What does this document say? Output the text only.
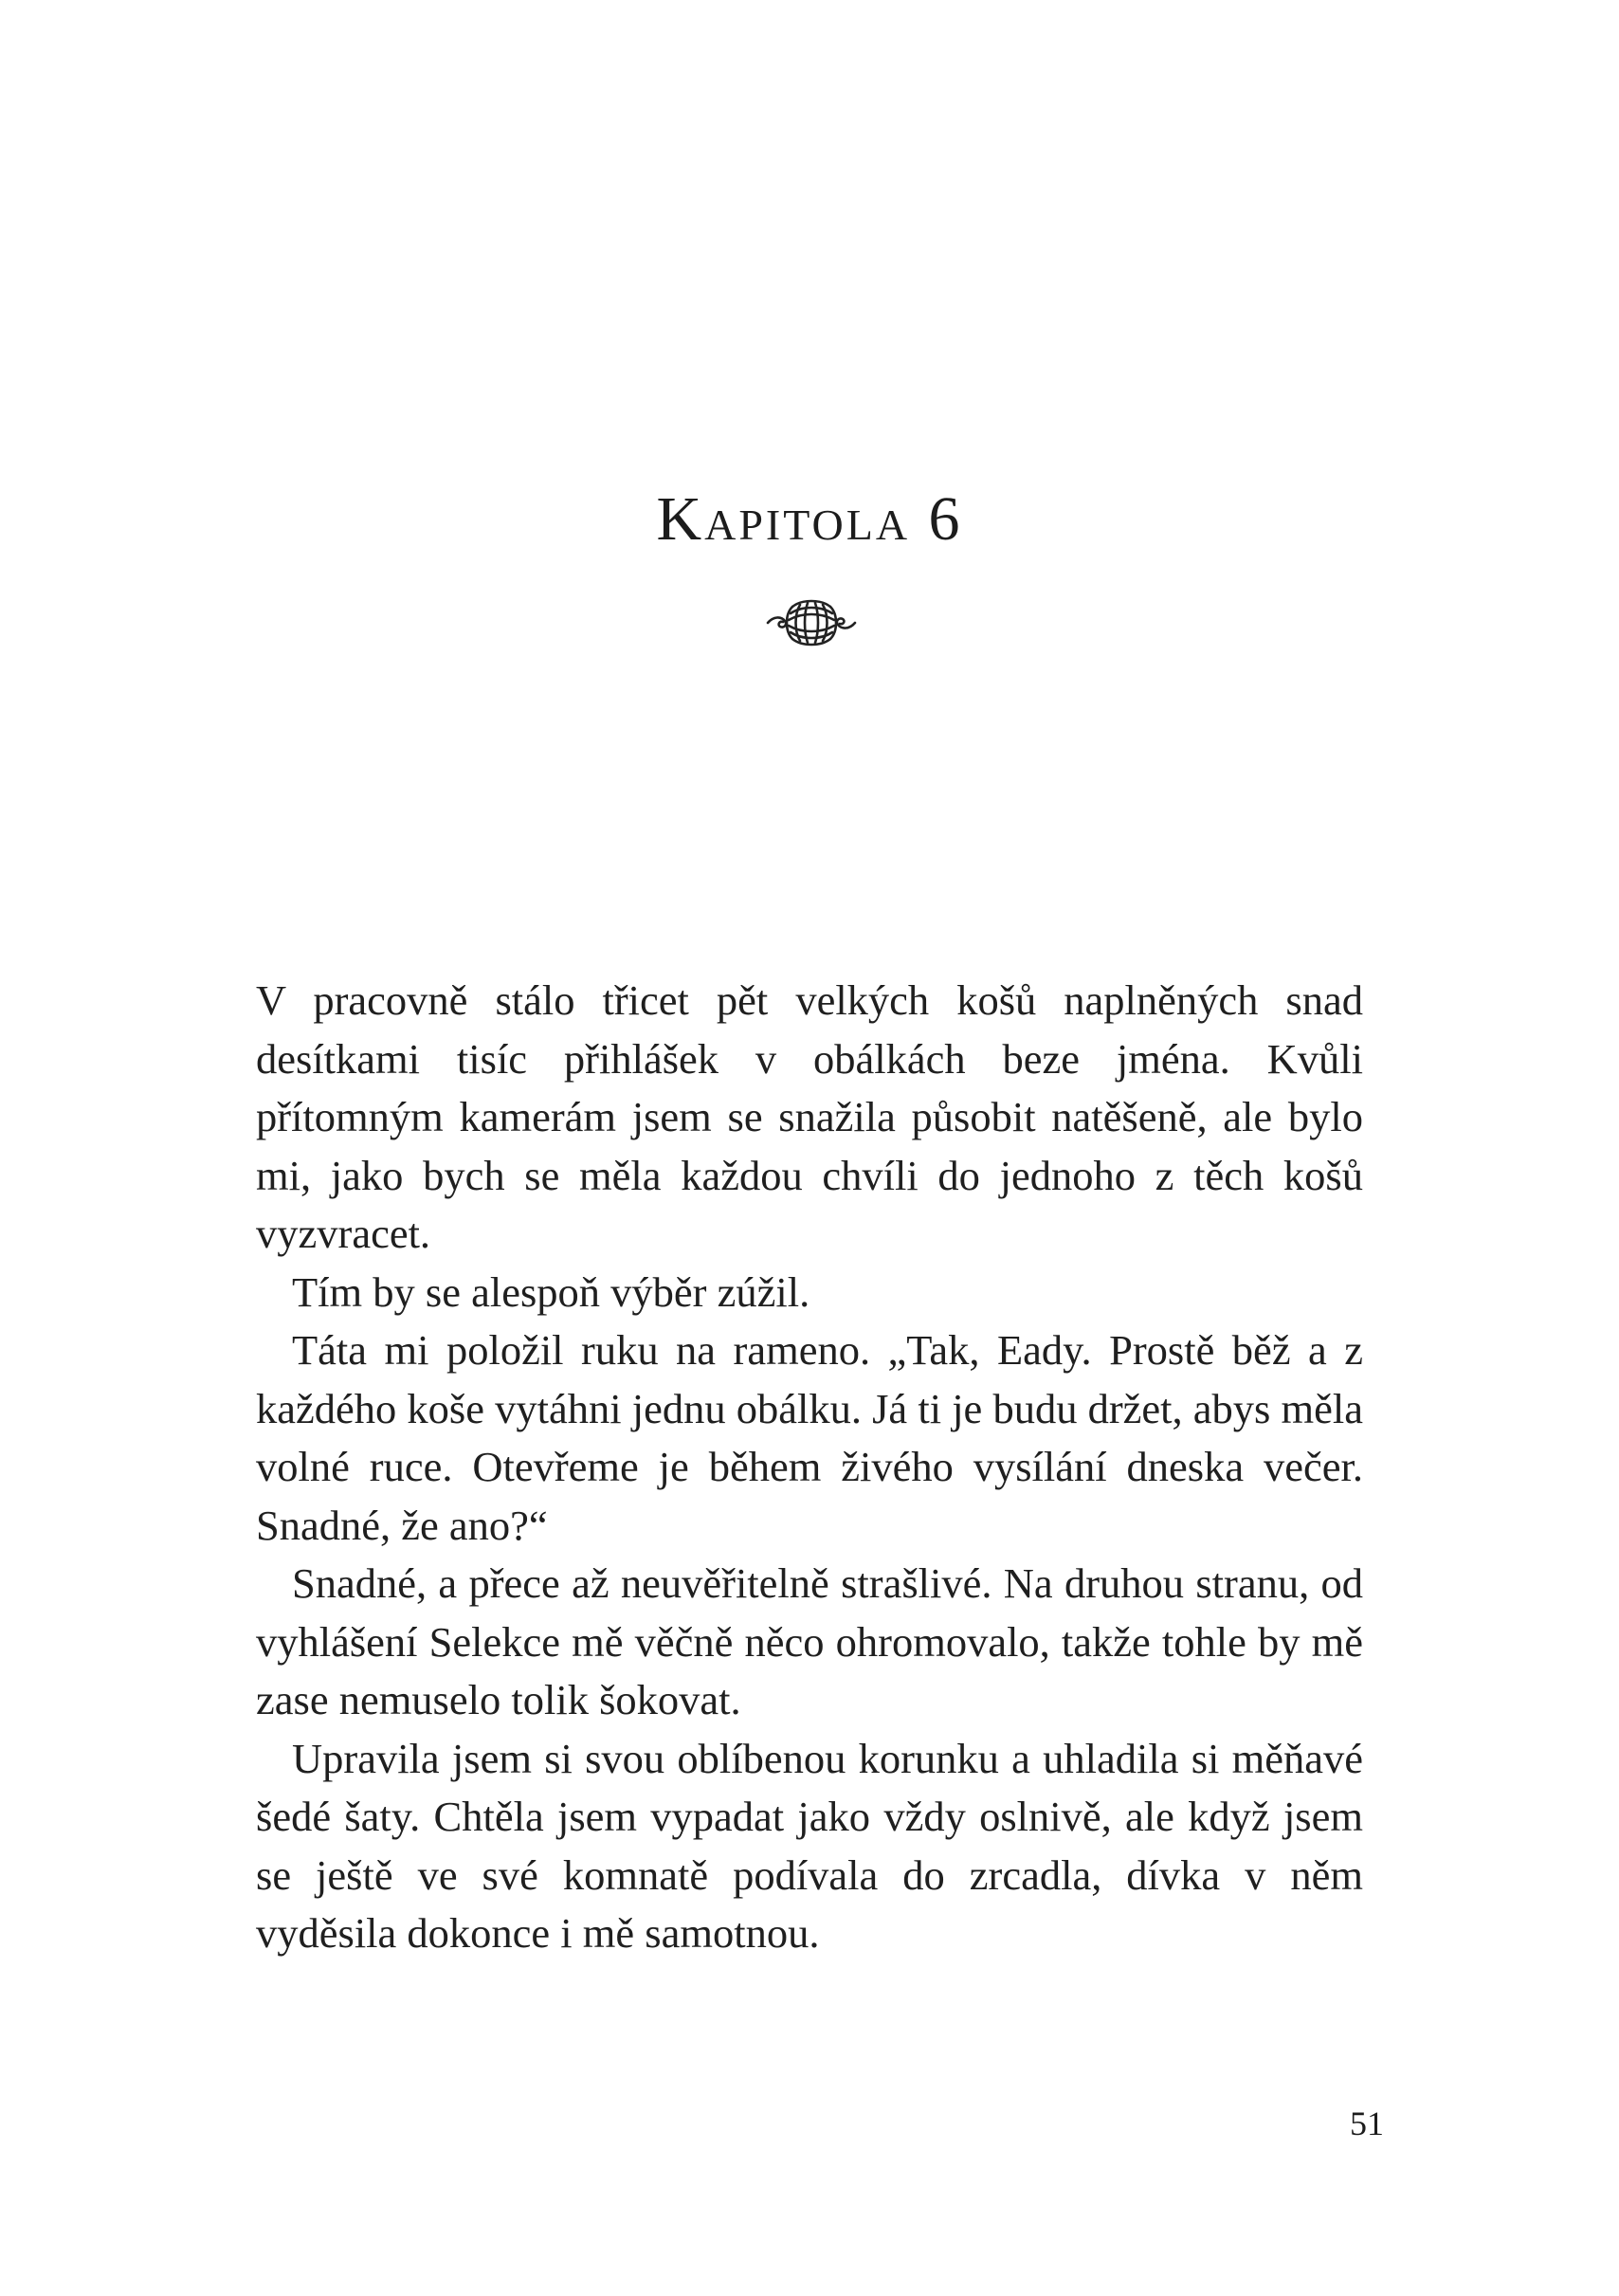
Kapitola 6

V pracovně stálo třicet pět velkých košů naplněných snad desítkami tisíc přihlášek v obálkách beze jména. Kvůli přítomným kamerám jsem se snažila působit natěšeně, ale bylo mi, jako bych se měla každou chvíli do jednoho z těch košů vyzvracet.

Tím by se alespoň výběr zúžil.

Táta mi položil ruku na rameno. „Tak, Eady. Prostě běž a z každého koše vytáhni jednu obálku. Já ti je budu držet, abys měla volné ruce. Otevřeme je během živého vysílání dneska večer. Snadné, že ano?“

Snadné, a přece až neuvěřitelně strašlivé. Na druhou stranu, od vyhlášení Selekce mě věčně něco ohromovalo, takže tohle by mě zase nemuselo tolik šokovat.

Upravila jsem si svou oblíbenou korunku a uhladila si měňavé šedé šaty. Chtěla jsem vypadat jako vždy oslnivě, ale když jsem se ještě ve své komnatě podívala do zrcadla, dívka v něm vyděsila dokonce i mě samotnou.

51
